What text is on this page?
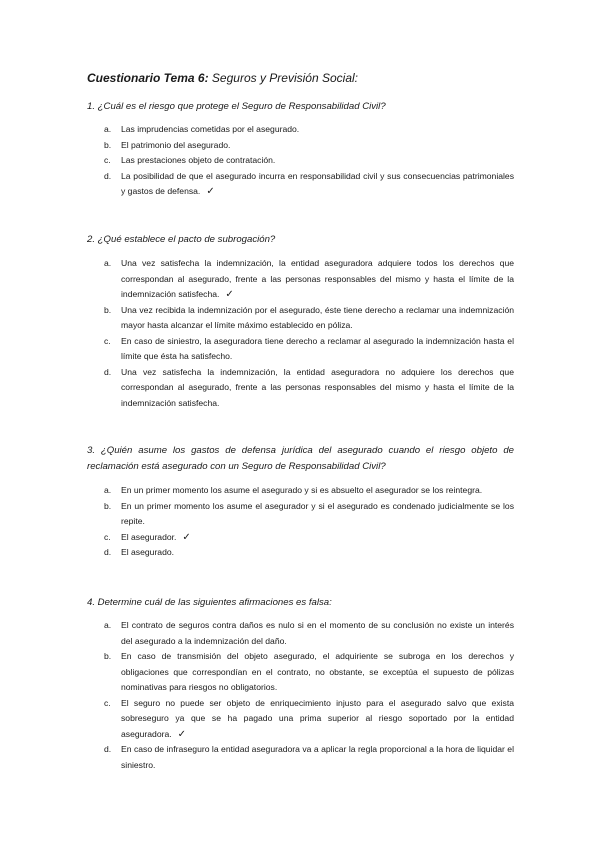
Cuestionario Tema 6: Seguros y Previsión Social:
1. ¿Cuál es el riesgo que protege el Seguro de Responsabilidad Civil?
a. Las imprudencias cometidas por el asegurado.
b. El patrimonio del asegurado.
c. Las prestaciones objeto de contratación.
d. La posibilidad de que el asegurado incurra en responsabilidad civil y sus consecuencias patrimoniales y gastos de defensa. ✓
2. ¿Qué establece el pacto de subrogación?
a. Una vez satisfecha la indemnización, la entidad aseguradora adquiere todos los derechos que correspondan al asegurado, frente a las personas responsables del mismo y hasta el límite de la indemnización satisfecha. ✓
b. Una vez recibida la indemnización por el asegurado, éste tiene derecho a reclamar una indemnización mayor hasta alcanzar el límite máximo establecido en póliza.
c. En caso de siniestro, la aseguradora tiene derecho a reclamar al asegurado la indemnización hasta el límite que ésta ha satisfecho.
d. Una vez satisfecha la indemnización, la entidad aseguradora no adquiere los derechos que correspondan al asegurado, frente a las personas responsables del mismo y hasta el límite de la indemnización satisfecha.
3. ¿Quién asume los gastos de defensa jurídica del asegurado cuando el riesgo objeto de reclamación está asegurado con un Seguro de Responsabilidad Civil?
a. En un primer momento los asume el asegurado y si es absuelto el asegurador se los reintegra.
b. En un primer momento los asume el asegurador y si el asegurado es condenado judicialmente se los repite.
c. El asegurador. ✓
d. El asegurado.
4. Determine cuál de las siguientes afirmaciones es falsa:
a. El contrato de seguros contra daños es nulo si en el momento de su conclusión no existe un interés del asegurado a la indemnización del daño.
b. En caso de transmisión del objeto asegurado, el adquiriente se subroga en los derechos y obligaciones que correspondían en el contrato, no obstante, se exceptúa el supuesto de pólizas nominativas para riesgos no obligatorios.
c. El seguro no puede ser objeto de enriquecimiento injusto para el asegurado salvo que exista sobreseguro ya que se ha pagado una prima superior al riesgo soportado por la entidad aseguradora. ✓
d. En caso de infraseguro la entidad aseguradora va a aplicar la regla proporcional a la hora de liquidar el siniestro.
